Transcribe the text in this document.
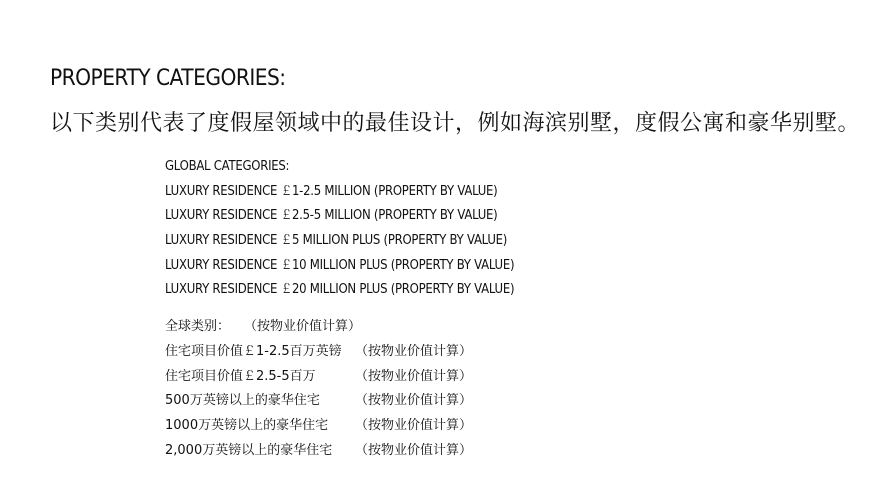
PROPERTY CATEGORIES:
以下类别代表了度假屋领域中的最佳设计，例如海滨别墅，度假公寓和豪华别墅。
GLOBAL CATEGORIES:
LUXURY RESIDENCE ￡1-2.5 MILLION (PROPERTY BY VALUE)
LUXURY RESIDENCE ￡2.5-5 MILLION (PROPERTY BY VALUE)
LUXURY RESIDENCE ￡5 MILLION PLUS (PROPERTY BY VALUE)
LUXURY RESIDENCE ￡10 MILLION PLUS (PROPERTY BY VALUE)
LUXURY RESIDENCE ￡20 MILLION PLUS (PROPERTY BY VALUE)
全球类别： （按物业价值计算）
住宅项目价值￡1-2.5百万英镑 （按物业价值计算）
住宅项目价值￡2.5-5百万	（按物业价值计算）
500万英镑以上的豪华住宅	（按物业价值计算）
1000万英镑以上的豪华住宅 （按物业价值计算）
2,000万英镑以上的豪华住宅 （按物业价值计算）
